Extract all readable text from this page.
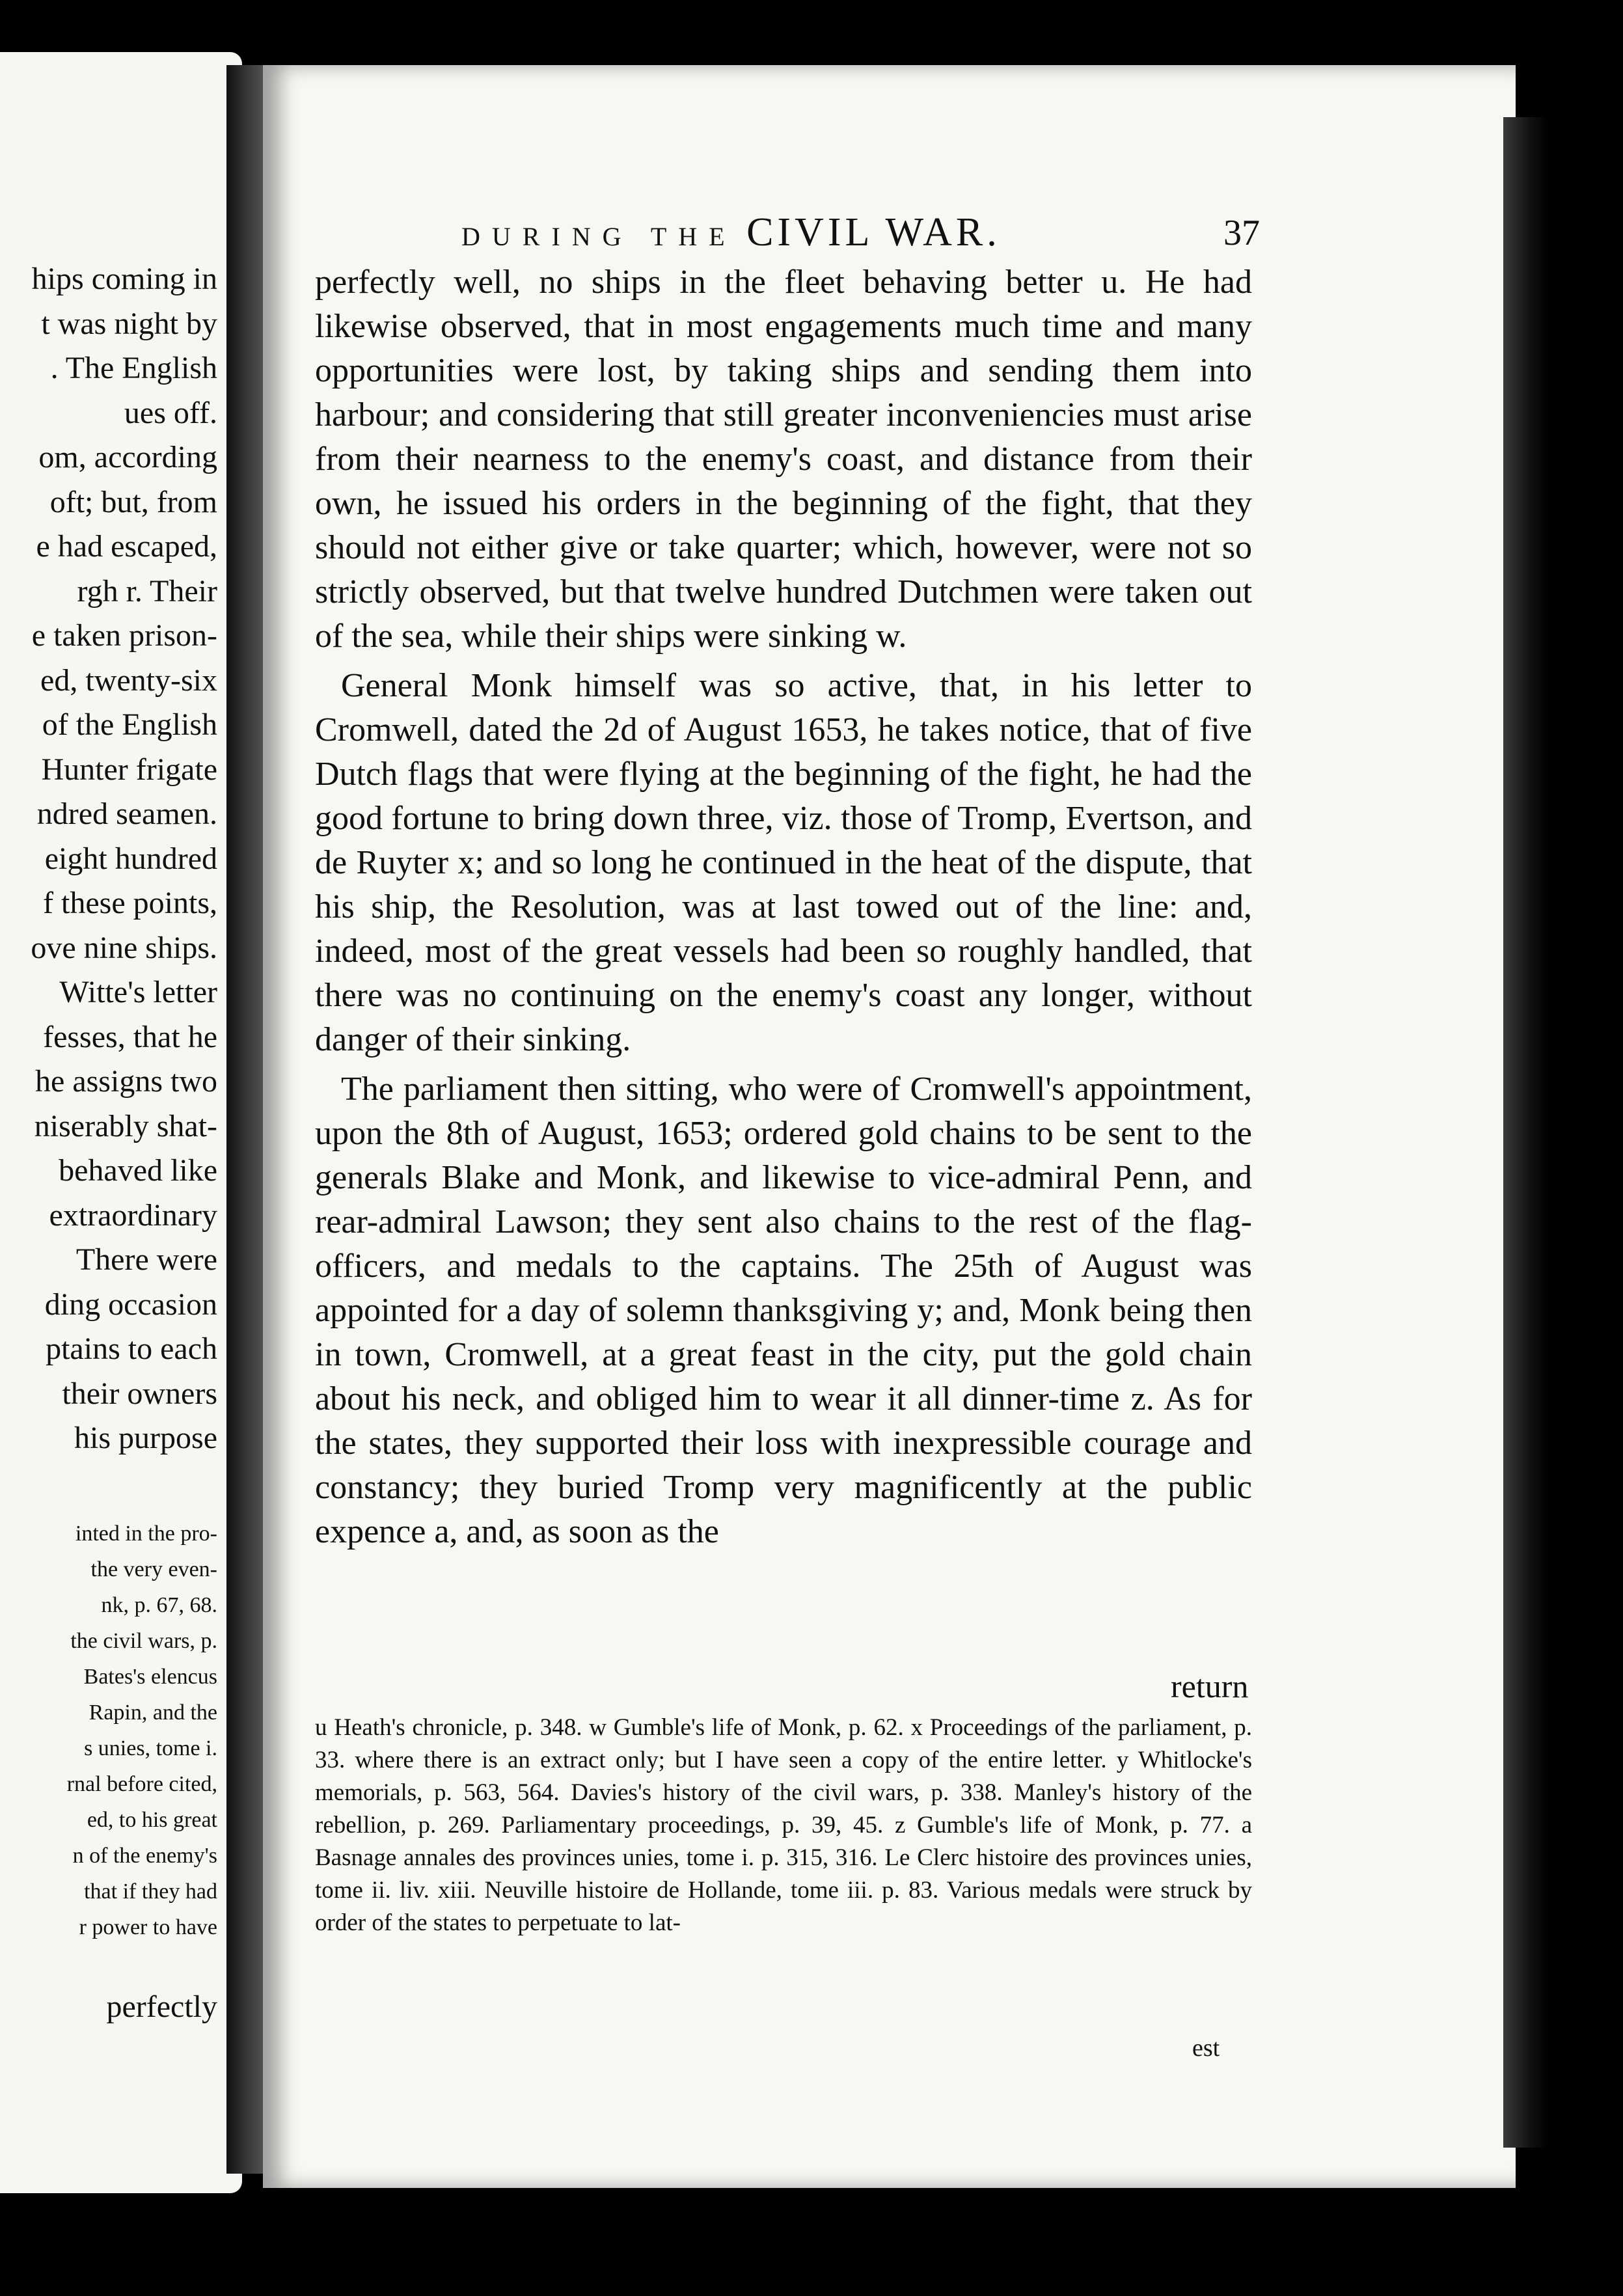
hips coming in
t was night by
. The English
ues off.
om, according
oft; but, from
e had escaped,
rgh r. Their
e taken prison-
ed, twenty-six
of the English
Hunter frigate
ndred seamen.
eight hundred
f these points,
ove nine ships.
Witte's letter
fesses, that he
he assigns two
niserably shat-
behaved like
extraordinary
There were
ding occasion
ptains to each
their owners
his purpose
inted in the pro-
the very even-
nk, p. 67, 68.
the civil wars, p.
Bates's elencus
Rapin, and the
s unies, tome i.
rnal before cited,
ed, to his great
n of the enemy's
that if they had
r power to have
perfectly
DURING THE CIVIL WAR.	37

perfectly well, no ships in the fleet behaving better u. He had likewise observed, that in most engagements much time and many opportunities were lost, by taking ships and sending them into harbour; and considering that still greater inconveniencies must arise from their nearness to the enemy's coast, and distance from their own, he issued his orders in the beginning of the fight, that they should not either give or take quarter; which, however, were not so strictly observed, but that twelve hundred Dutchmen were taken out of the sea, while their ships were sinking w.

General Monk himself was so active, that, in his letter to Cromwell, dated the 2d of August 1653, he takes notice, that of five Dutch flags that were flying at the beginning of the fight, he had the good fortune to bring down three, viz. those of Tromp, Evertson, and de Ruyter x; and so long he continued in the heat of the dispute, that his ship, the Resolution, was at last towed out of the line: and, indeed, most of the great vessels had been so roughly handled, that there was no continuing on the enemy's coast any longer, without danger of their sinking.

The parliament then sitting, who were of Cromwell's appointment, upon the 8th of August, 1653; ordered gold chains to be sent to the generals Blake and Monk, and likewise to vice-admiral Penn, and rear-admiral Lawson; they sent also chains to the rest of the flag-officers, and medals to the captains. The 25th of August was appointed for a day of solemn thanksgiving y; and, Monk being then in town, Cromwell, at a great feast in the city, put the gold chain about his neck, and obliged him to wear it all dinner-time z. As for the states, they supported their loss with inexpressible courage and constancy; they buried Tromp very magnificently at the public expence a, and, as soon as the

return

u Heath's chronicle, p. 348. w Gumble's life of Monk, p. 62. x Proceedings of the parliament, p. 33. where there is an extract only; but I have seen a copy of the entire letter. y Whitlocke's memorials, p. 563, 564. Davies's history of the civil wars, p. 338. Manley's history of the rebellion, p. 269. Parliamentary proceedings, p. 39, 45. z Gumble's life of Monk, p. 77. a Basnage annales des provinces unies, tome i. p. 315, 316. Le Clerc histoire des provinces unies, tome ii. liv. xiii. Neuville histoire de Hollande, tome iii. p. 83. Various medals were struck by order of the states to perpetuate to lat-

est
